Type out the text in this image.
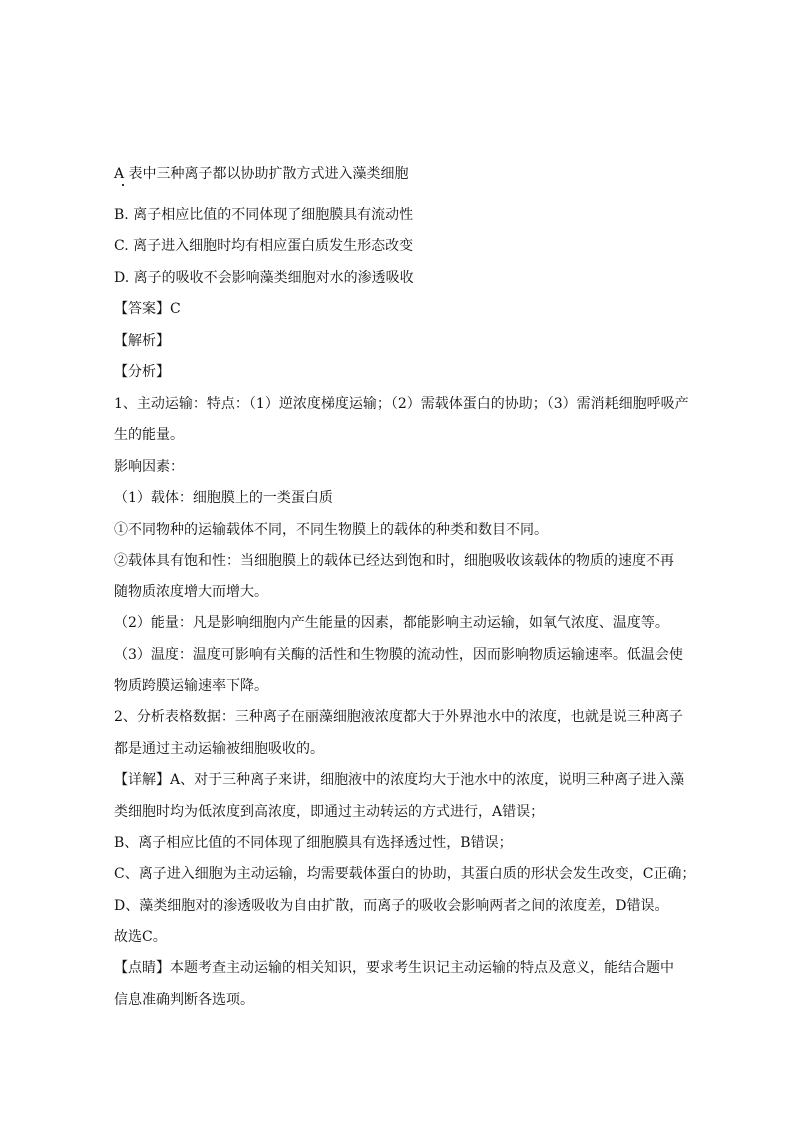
A 表中三种离子都以协助扩散方式进入藻类细胞
B. 离子相应比值的不同体现了细胞膜具有流动性
C. 离子进入细胞时均有相应蛋白质发生形态改变
D. 离子的吸收不会影响藻类细胞对水的渗透吸收
【答案】C
【解析】
【分析】
1、主动运输：特点：（1）逆浓度梯度运输；（2）需载体蛋白的协助；（3）需消耗细胞呼吸产
生的能量。
影响因素：
（1）载体：细胞膜上的一类蛋白质
①不同物种的运输载体不同，不同生物膜上的载体的种类和数目不同。
②载体具有饱和性：当细胞膜上的载体已经达到饱和时，细胞吸收该载体的物质的速度不再
随物质浓度增大而增大。
（2）能量：凡是影响细胞内产生能量的因素，都能影响主动运输，如氧气浓度、温度等。
（3）温度：温度可影响有关酶的活性和生物膜的流动性，因而影响物质运输速率。低温会使
物质跨膜运输速率下降。
2、分析表格数据：三种离子在丽藻细胞液浓度都大于外界池水中的浓度，也就是说三种离子
都是通过主动运输被细胞吸收的。
【详解】A、对于三种离子来讲，细胞液中的浓度均大于池水中的浓度，说明三种离子进入藻
类细胞时均为低浓度到高浓度，即通过主动转运的方式进行，A错误；
B、离子相应比值的不同体现了细胞膜具有选择透过性，B错误；
C、离子进入细胞为主动运输，均需要载体蛋白的协助，其蛋白质的形状会发生改变，C正确；
D、藻类细胞对的渗透吸收为自由扩散，而离子的吸收会影响两者之间的浓度差，D错误。
故选C。
【点睛】本题考查主动运输的相关知识，要求考生识记主动运输的特点及意义，能结合题中
信息准确判断各选项。
